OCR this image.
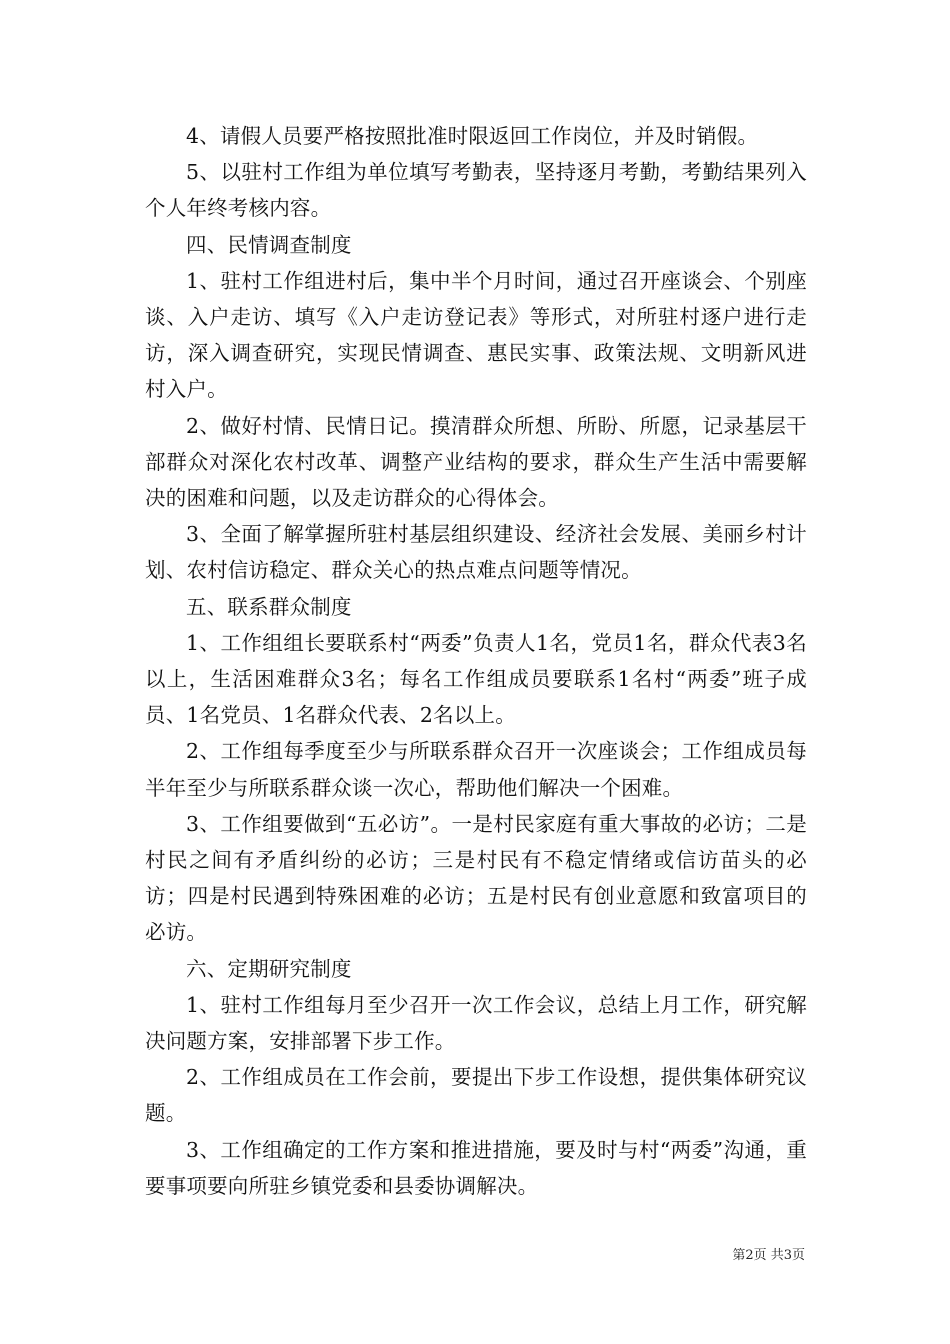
4、请假人员要严格按照批准时限返回工作岗位，并及时销假。

5、以驻村工作组为单位填写考勤表，坚持逐月考勤，考勤结果列入个人年终考核内容。

四、民情调查制度

1、驻村工作组进村后，集中半个月时间，通过召开座谈会、个别座谈、入户走访、填写《入户走访登记表》等形式，对所驻村逐户进行走访，深入调查研究，实现民情调查、惠民实事、政策法规、文明新风进村入户。

2、做好村情、民情日记。摸清群众所想、所盼、所愿，记录基层干部群众对深化农村改革、调整产业结构的要求，群众生产生活中需要解决的困难和问题，以及走访群众的心得体会。

3、全面了解掌握所驻村基层组织建设、经济社会发展、美丽乡村计划、农村信访稳定、群众关心的热点难点问题等情况。

五、联系群众制度

1、工作组组长要联系村“两委”负责人1名，党员1名，群众代表3名以上，生活困难群众3名；每名工作组成员要联系1名村“两委”班子成员、1名党员、1名群众代表、2名以上。

2、工作组每季度至少与所联系群众召开一次座谈会；工作组成员每半年至少与所联系群众谈一次心，帮助他们解决一个困难。

3、工作组要做到“五必访”。一是村民家庭有重大事故的必访；二是村民之间有矛盾纠纷的必访；三是村民有不稳定情绪或信访苗头的必访；四是村民遇到特殊困难的必访；五是村民有创业意愿和致富项目的必访。

六、定期研究制度

1、驻村工作组每月至少召开一次工作会议，总结上月工作，研究解决问题方案，安排部署下步工作。

2、工作组成员在工作会前，要提出下步工作设想，提供集体研究议题。

3、工作组确定的工作方案和推进措施，要及时与村“两委”沟通，重要事项要向所驻乡镇党委和县委协调解决。

第2页 共3页
